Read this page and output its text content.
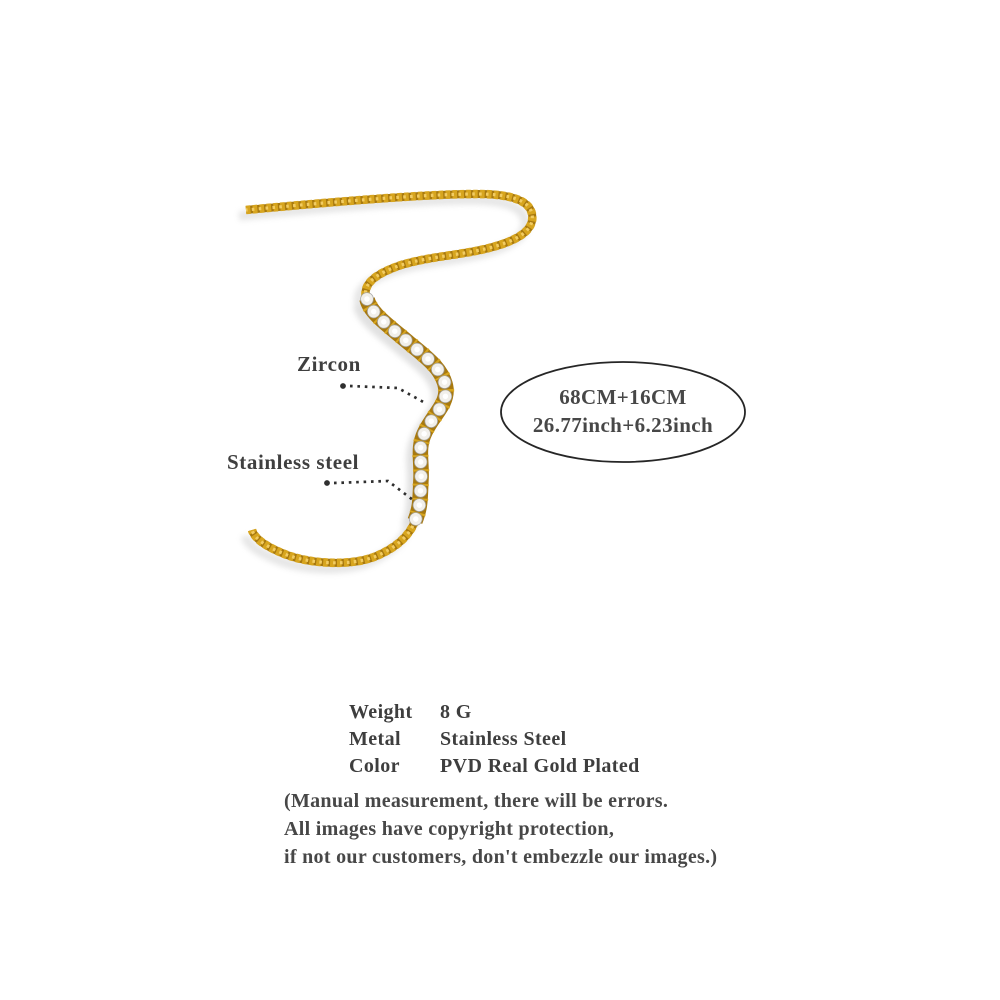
Zircon
Stainless steel
68CM+16CM
26.77inch+6.23inch
Weight	8 G
Metal	Stainless Steel
Color	PVD Real Gold Plated
(Manual measurement, there will be errors.
All images have copyright protection,
if not our customers, don't embezzle our images.)
